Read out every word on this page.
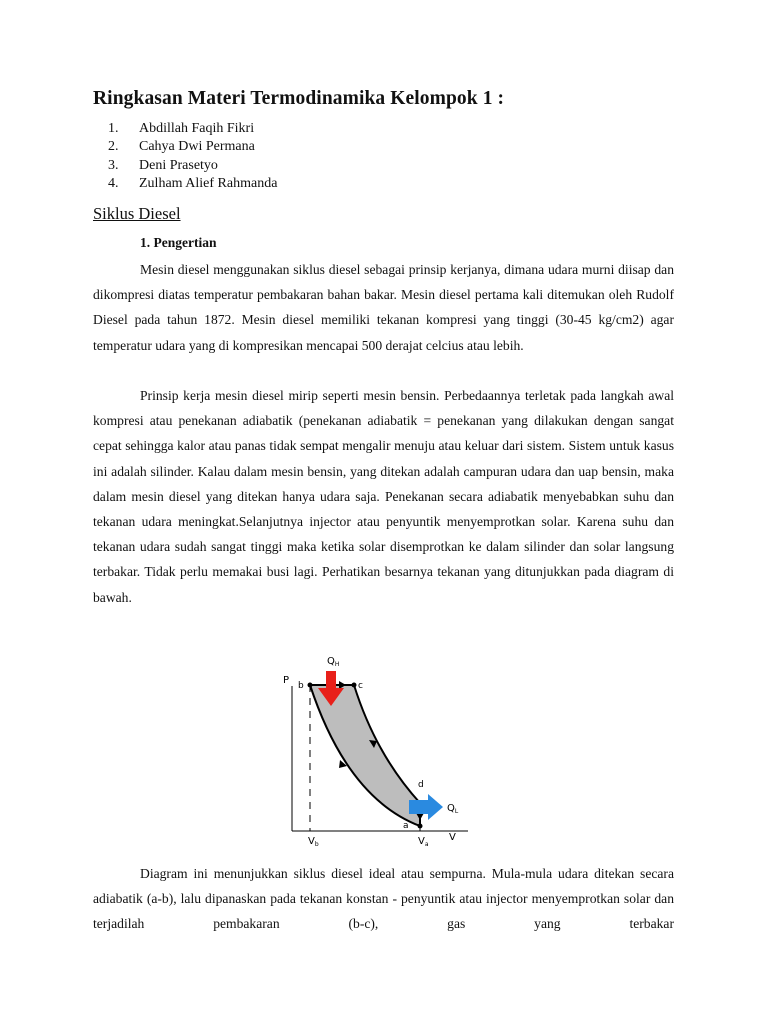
Ringkasan Materi Termodinamika Kelompok 1 :
1.	Abdillah Faqih Fikri
2.	Cahya Dwi Permana
3.	Deni Prasetyo
4.	Zulham Alief Rahmanda
Siklus Diesel
1. Pengertian

Mesin diesel menggunakan siklus diesel sebagai prinsip kerjanya, dimana udara murni diisap dan dikompresi diatas temperatur pembakaran bahan bakar. Mesin diesel pertama kali ditemukan oleh Rudolf Diesel pada tahun 1872. Mesin diesel memiliki tekanan kompresi yang tinggi (30-45 kg/cm2) agar temperatur udara yang di kompresikan mencapai 500 derajat celcius atau lebih.

Prinsip kerja mesin diesel mirip seperti mesin bensin. Perbedaannya terletak pada langkah awal kompresi atau penekanan adiabatik (penekanan adiabatik = penekanan yang dilakukan dengan sangat cepat sehingga kalor atau panas tidak sempat mengalir menuju atau keluar dari sistem. Sistem untuk kasus ini adalah silinder. Kalau dalam mesin bensin, yang ditekan adalah campuran udara dan uap bensin, maka dalam mesin diesel yang ditekan hanya udara saja. Penekanan secara adiabatik menyebabkan suhu dan tekanan udara meningkat.Selanjutnya injector atau penyuntik menyemprotkan solar. Karena suhu dan tekanan udara sudah sangat tinggi maka ketika solar disemprotkan ke dalam silinder dan solar langsung terbakar. Tidak perlu memakai busi lagi. Perhatikan besarnya tekanan yang ditunjukkan pada diagram di bawah.

P
V
$Q_H$
$Q_L$
b	c
d
a
$V_b$	$V_a$

Diagram ini menunjukkan siklus diesel ideal atau sempurna. Mula-mula udara ditekan secara adiabatik (a-b), lalu dipanaskan pada tekanan konstan - penyuntik atau injector menyemprotkan solar dan terjadilah pembakaran (b-c), gas yang terbakar
